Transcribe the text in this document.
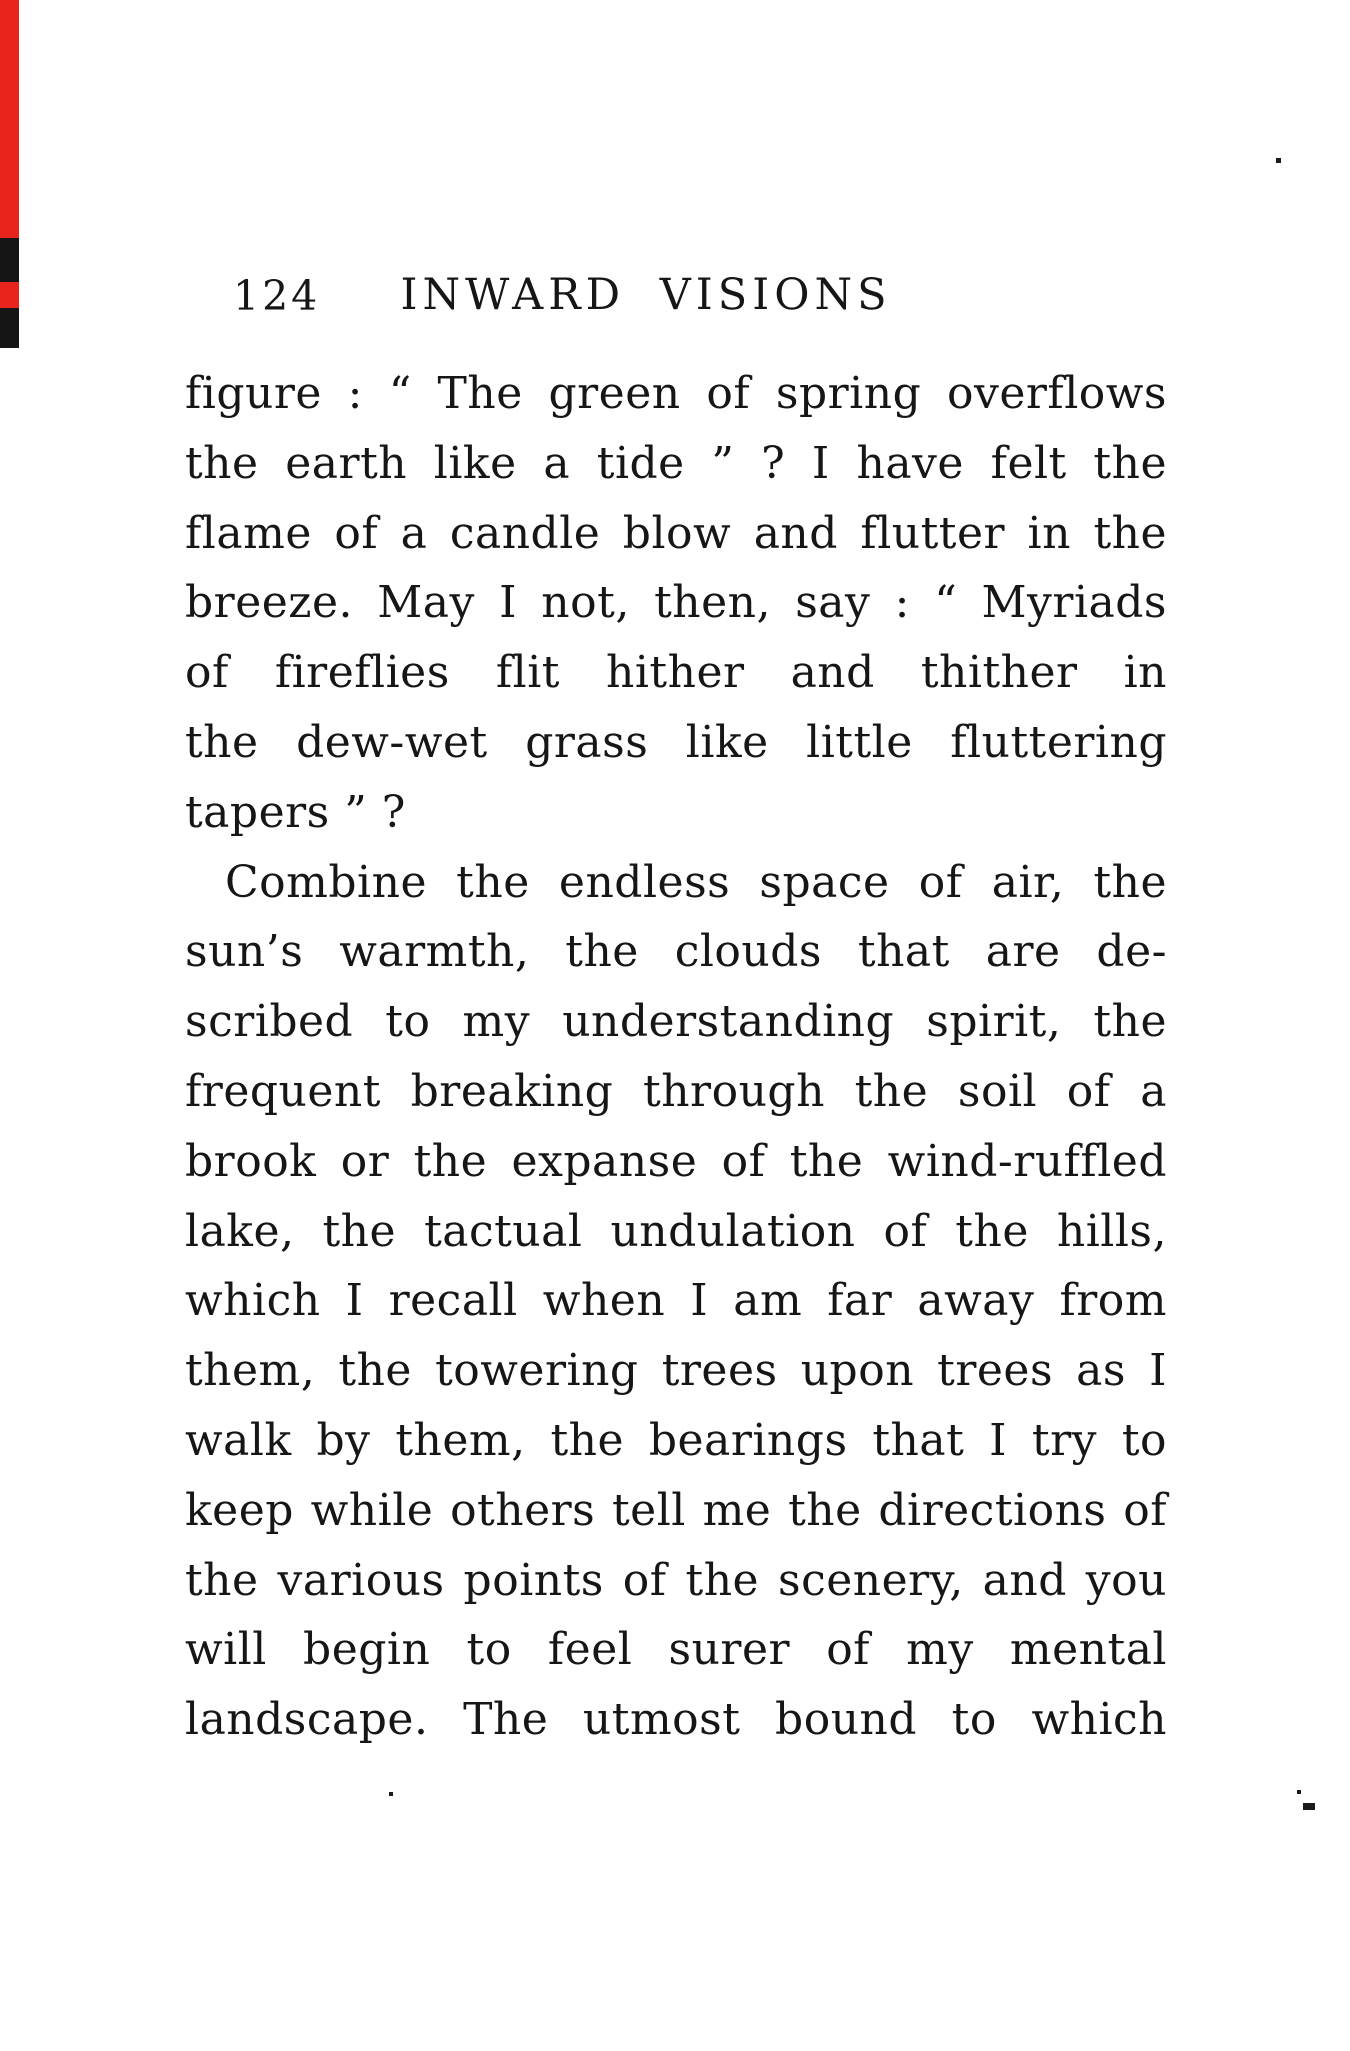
124	INWARD VISIONS
figure : “ The green of spring overflows
the earth like a tide ” ? I have felt the
flame of a candle blow and flutter in the
breeze. May I not, then, say : “ Myriads
of fireflies flit hither and thither in
the dew-wet grass like little fluttering
tapers ” ?
Combine the endless space of air, the
sun’s warmth, the clouds that are de-
scribed to my understanding spirit, the
frequent breaking through the soil of a
brook or the expanse of the wind-ruffled
lake, the tactual undulation of the hills,
which I recall when I am far away from
them, the towering trees upon trees as I
walk by them, the bearings that I try to
keep while others tell me the directions of
the various points of the scenery, and you
will begin to feel surer of my mental
landscape. The utmost bound to which
